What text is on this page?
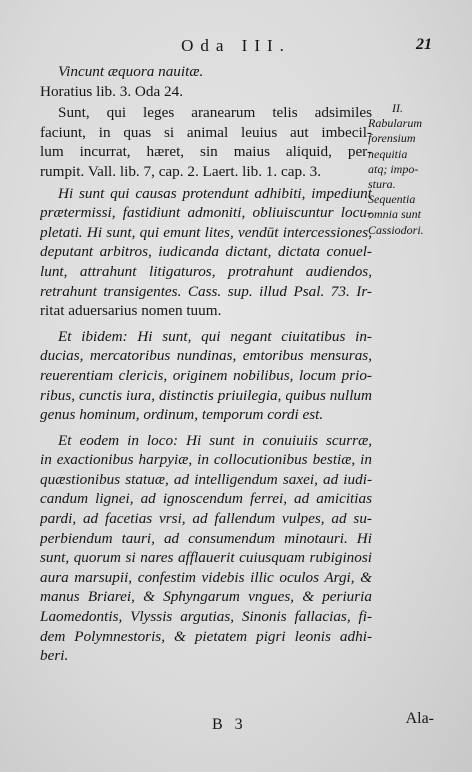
Oda III.	21
Vincunt æquora nauitæ.
Horatius lib. 3. Oda 24.
Sunt, qui leges aranearum telis adsimiles
faciunt, in quas si animal leuius aut imbecil-
lum incurrat, hæret, sin maius aliquid, per-
rumpit. Vall. lib. 7, cap. 2. Laert. lib. 1. cap. 3.
Hi sunt qui causas protendunt adhibiti, impediunt
prætermissi, fastidiunt admoniti, obliuiscuntur locu-
pletati. Hi sunt, qui emunt lites, vendūt intercessiones,
deputant arbitros, iudicanda dictant, dictata conuel-
lunt, attrahunt litigaturos, protrahunt audiendos,
retrahunt transigentes. Cass. sup. illud Psal. 73. Ir-
ritat aduersarius nomen tuum.
Et ibidem: Hi sunt, qui negant ciuitatibus in-
ducias, mercatoribus nundinas, emtoribus mensuras,
reuerentiam clericis, originem nobilibus, locum prio-
ribus, cunctis iura, distinctis priuilegia, quibus nullum
genus hominum, ordinum, temporum cordi est.
Et eodem in loco: Hi sunt in conuiuiis scurræ,
in exactionibus harpyiæ, in collocutionibus bestiæ, in
quæstionibus statuæ, ad intelligendum saxei, ad iudi-
candum lignei, ad ignoscendum ferrei, ad amicitias
pardi, ad facetias vrsi, ad fallendum vulpes, ad su-
perbiendum tauri, ad consumendum minotauri. Hi
sunt, quorum si nares afflauerit cuiusquam rubiginosi
aura marsupii, confestim videbis illic oculos Argi, &
manus Briarei, & Sphyngarum vngues, & periuria
Laomedontis, Vlyssis argutias, Sinonis fallacias, fi-
dem Polymnestoris, & pietatem pigri leonis adhi-
beri.
II.
Rabularum
forensium
nequitia
atq; impo-
stura.
Sequentia
omnia sunt
Cassiodori.
B 3	Ala-
